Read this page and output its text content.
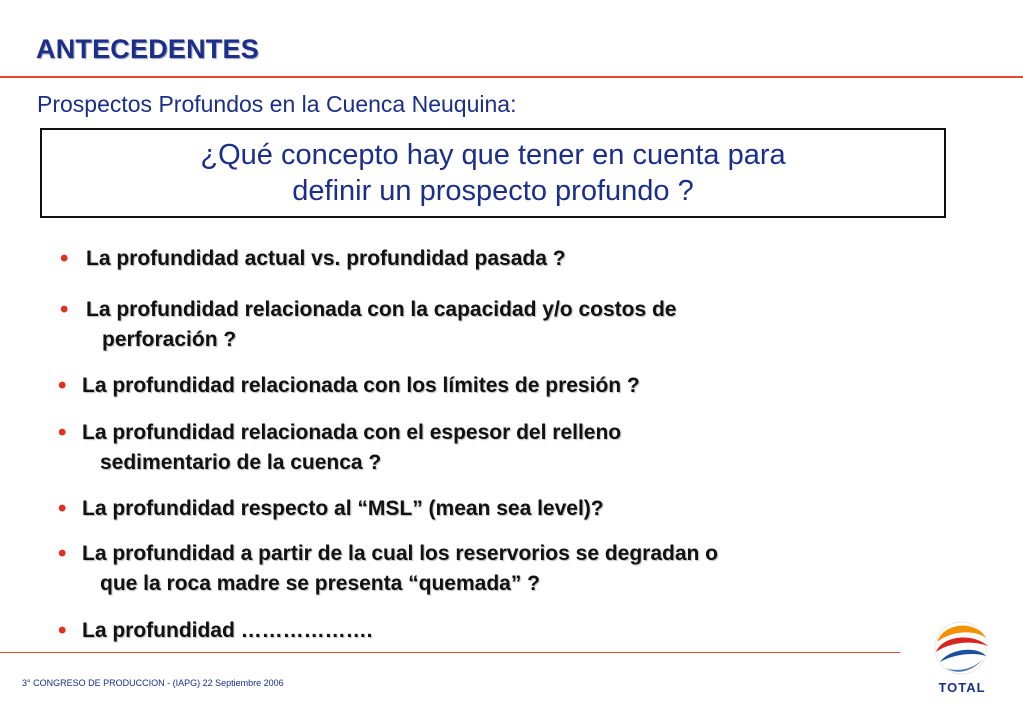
ANTECEDENTES
Prospectos Profundos en la Cuenca Neuquina:
¿Qué concepto hay que tener en cuenta para
definir un prospecto profundo ?
• La profundidad actual vs. profundidad pasada ?
• La profundidad relacionada con la capacidad y/o costos de
perforación ?
• La profundidad relacionada con los límites de presión ?
• La profundidad relacionada con el espesor del relleno
sedimentario de la cuenca ?
• La profundidad respecto al “MSL” (mean sea level)?
• La profundidad a partir de la cual los reservorios se degradan o
que la roca madre se presenta “quemada” ?
• La profundidad ……………….
3° CONGRESO DE PRODUCCION - (IAPG) 22 Septiembre 2006	TOTAL
